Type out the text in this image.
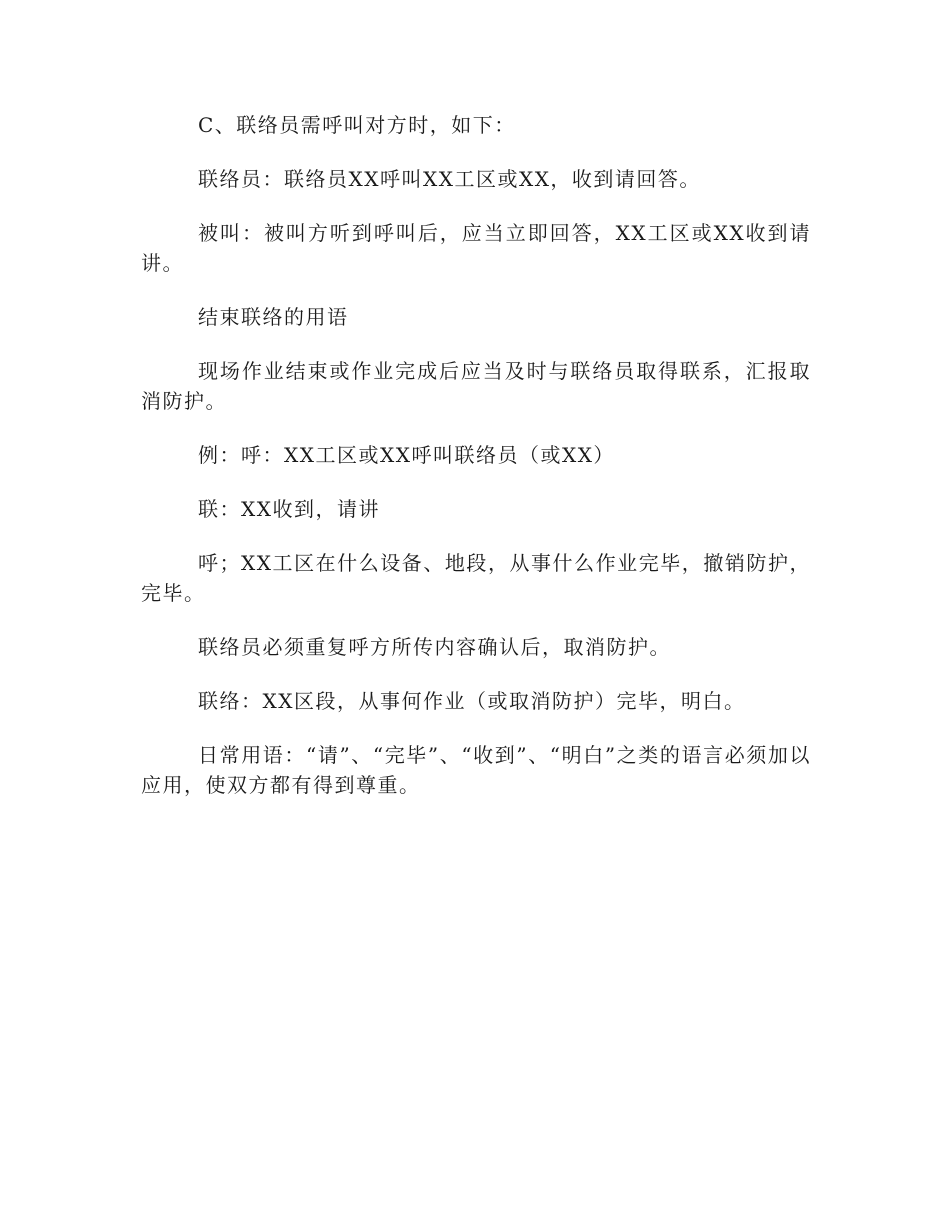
C、联络员需呼叫对方时，如下：

联络员：联络员XX呼叫XX工区或XX，收到请回答。

被叫：被叫方听到呼叫后，应当立即回答，XX工区或XX收到请讲。

结束联络的用语

现场作业结束或作业完成后应当及时与联络员取得联系，汇报取消防护。

例：呼：XX工区或XX呼叫联络员（或XX）

联：XX收到，请讲

呼；XX工区在什么设备、地段，从事什么作业完毕，撤销防护，完毕。

联络员必须重复呼方所传内容确认后，取消防护。

联络：XX区段，从事何作业（或取消防护）完毕，明白。

日常用语：“请”、“完毕”、“收到”、“明白”之类的语言必须加以应用，使双方都有得到尊重。
